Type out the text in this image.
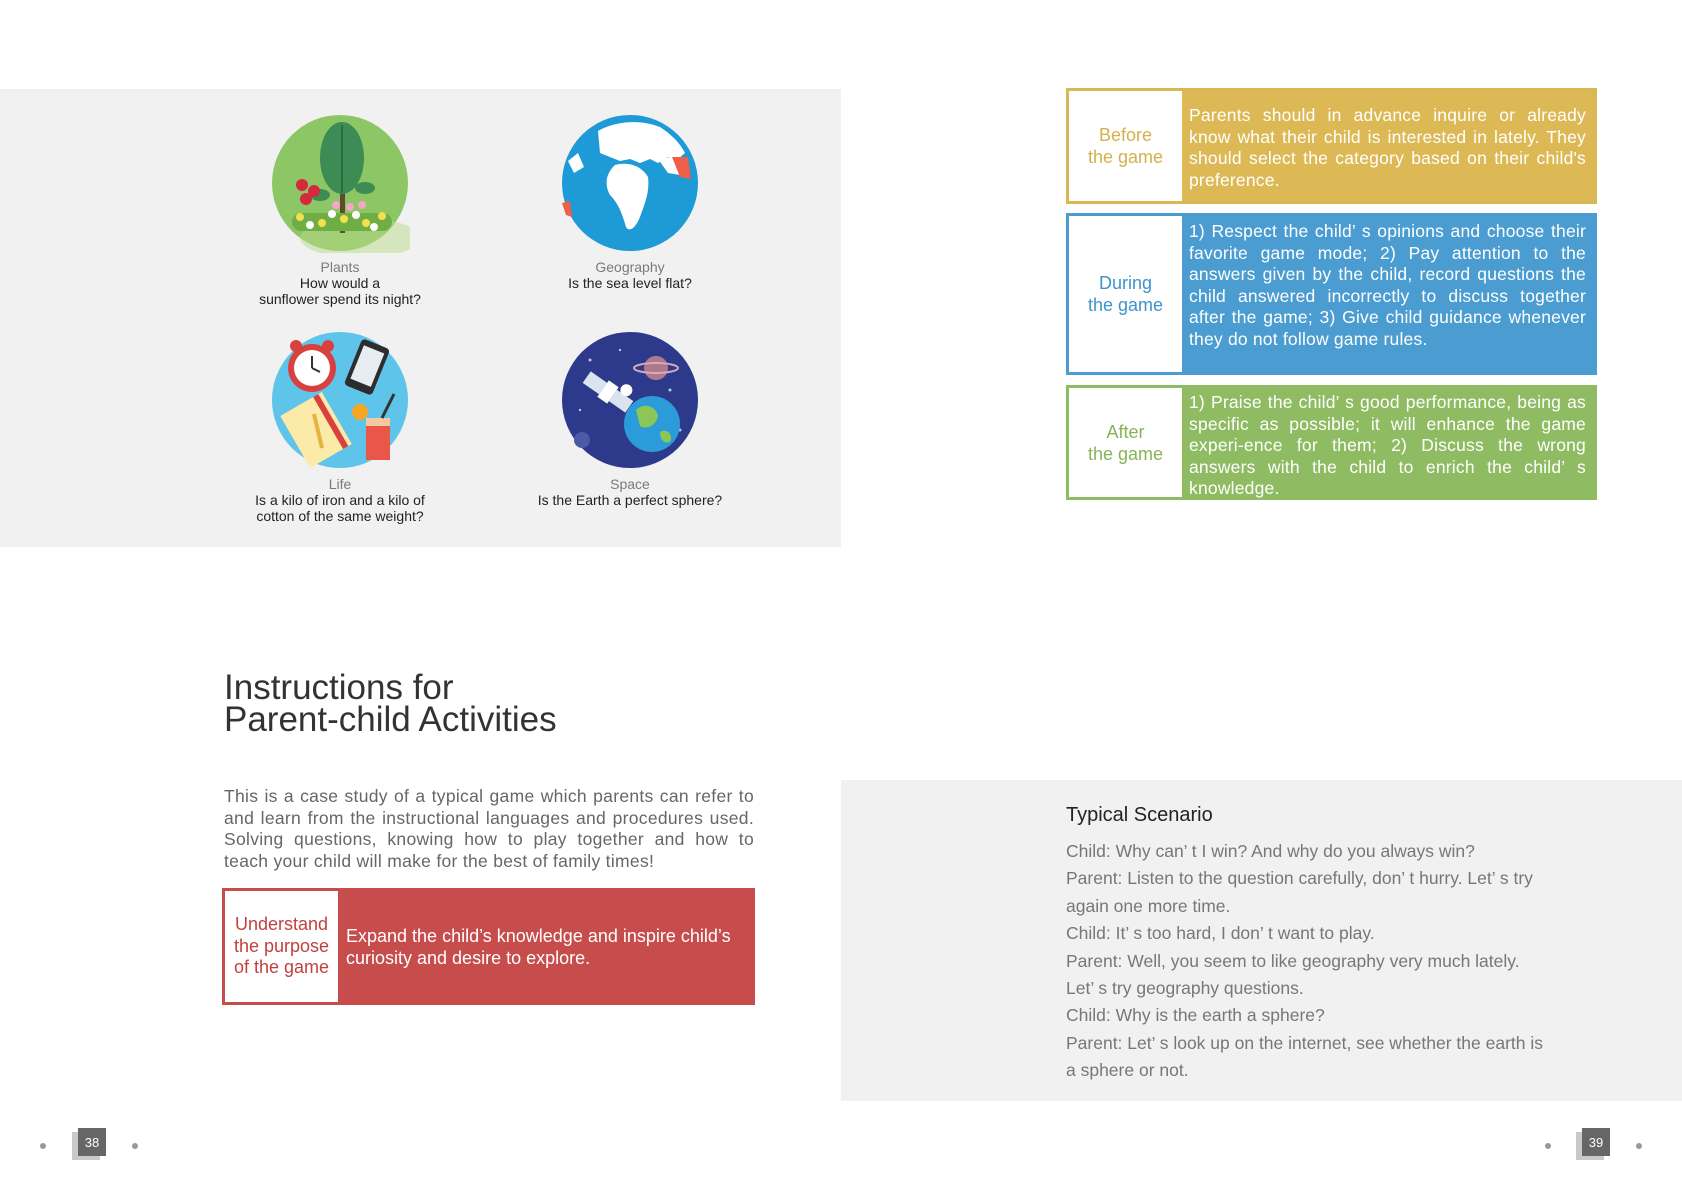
Plants
How would a
sunflower spend its night?
Geography
Is the sea level flat?
Life
Is a kilo of iron and a kilo of
cotton of the same weight?
Space
Is the Earth a perfect sphere?
Before
the game
Parents should in advance inquire or already know what their child is interested in lately. They should select the category based on their child's preference.
During
the game
1) Respect the child’ s opinions and choose their favorite game mode; 2) Pay attention to the answers given by the child, record questions the child answered incorrectly to discuss together after the game; 3) Give child guidance whenever they do not follow game rules.
After
the game
1) Praise the child’ s good performance, being as specific as possible; it will enhance the game experi-ence for them; 2) Discuss the wrong answers with the child to enrich the child’ s knowledge.
Instructions for
Parent-child Activities
This is a case study of a typical game which parents can refer to and learn from the instructional languages and procedures used. Solving questions, knowing how to play together and how to teach your child will make for the best of family times!
Understand
the purpose
of the game
Expand the child’s knowledge and inspire child’s curiosity and desire to explore.
Typical Scenario
Child: Why can’ t I win? And why do you always win?
Parent: Listen to the question carefully, don’ t hurry. Let’ s try
again one more time.
Child: It’ s too hard, I don’ t want to play.
Parent: Well, you seem to like geography very much lately.
Let’ s try geography questions.
Child: Why is the earth a sphere?
Parent: Let’ s look up on the internet, see whether the earth is
a sphere or not.
38	39
